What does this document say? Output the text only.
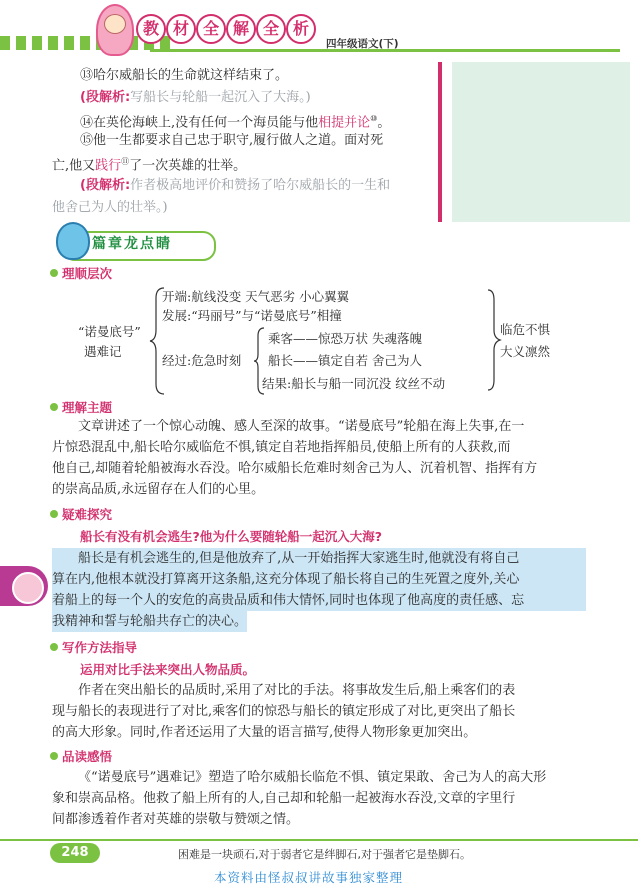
教 材 全 解 全 析
四年级语文(下)
⑬哈尔威船长的生命就这样结束了。
(段解析:写船长与轮船一起沉入了大海。)
⑭在英伦海峡上,没有任何一个海员能与他相提并论⑩。
⑮他一生都要求自己忠于职守,履行做人之道。面对死
亡,他又践行⑪了一次英雄的壮举。
(段解析:作者极高地评价和赞扬了哈尔威船长的一生和
他舍己为人的壮举。)
篇章龙点睛
理顺层次
“诺曼底号”
遇难记
开端:航线没变 天气恶劣 小心翼翼
发展:“玛丽号”与“诺曼底号”相撞
乘客——惊恐万状 失魂落魄
经过:危急时刻 船长——镇定自若 舍己为人
结果:船长与船一同沉没 纹丝不动
临危不惧
大义凛然
理解主题
文章讲述了一个惊心动魄、感人至深的故事。“诺曼底号”轮船在海上失事,在一
片惊恐混乱中,船长哈尔威临危不惧,镇定自若地指挥船员,使船上所有的人获救,而
他自己,却随着轮船被海水吞没。哈尔威船长危难时刻舍己为人、沉着机智、指挥有方
的崇高品质,永远留存在人们的心里。
疑难探究
船长有没有机会逃生?他为什么要随轮船一起沉入大海?
船长是有机会逃生的,但是他放弃了,从一开始指挥大家逃生时,他就没有将自己
算在内,他根本就没打算离开这条船,这充分体现了船长将自己的生死置之度外,关心
着船上的每一个人的安危的高贵品质和伟大情怀,同时也体现了他高度的责任感、忘
我精神和誓与轮船共存亡的决心。
写作方法指导
运用对比手法来突出人物品质。
作者在突出船长的品质时,采用了对比的手法。将事故发生后,船上乘客们的表
现与船长的表现进行了对比,乘客们的惊恐与船长的镇定形成了对比,更突出了船长
的高大形象。同时,作者还运用了大量的语言描写,使得人物形象更加突出。
品读感悟
《“诺曼底号”遇难记》塑造了哈尔威船长临危不惧、镇定果敢、舍己为人的高大形
象和崇高品格。他救了船上所有的人,自己却和轮船一起被海水吞没,文章的字里行
间都渗透着作者对英雄的崇敬与赞颂之情。
248	困难是一块顽石,对于弱者它是绊脚石,对于强者它是垫脚石。
本资料由怪叔叔讲故事独家整理
